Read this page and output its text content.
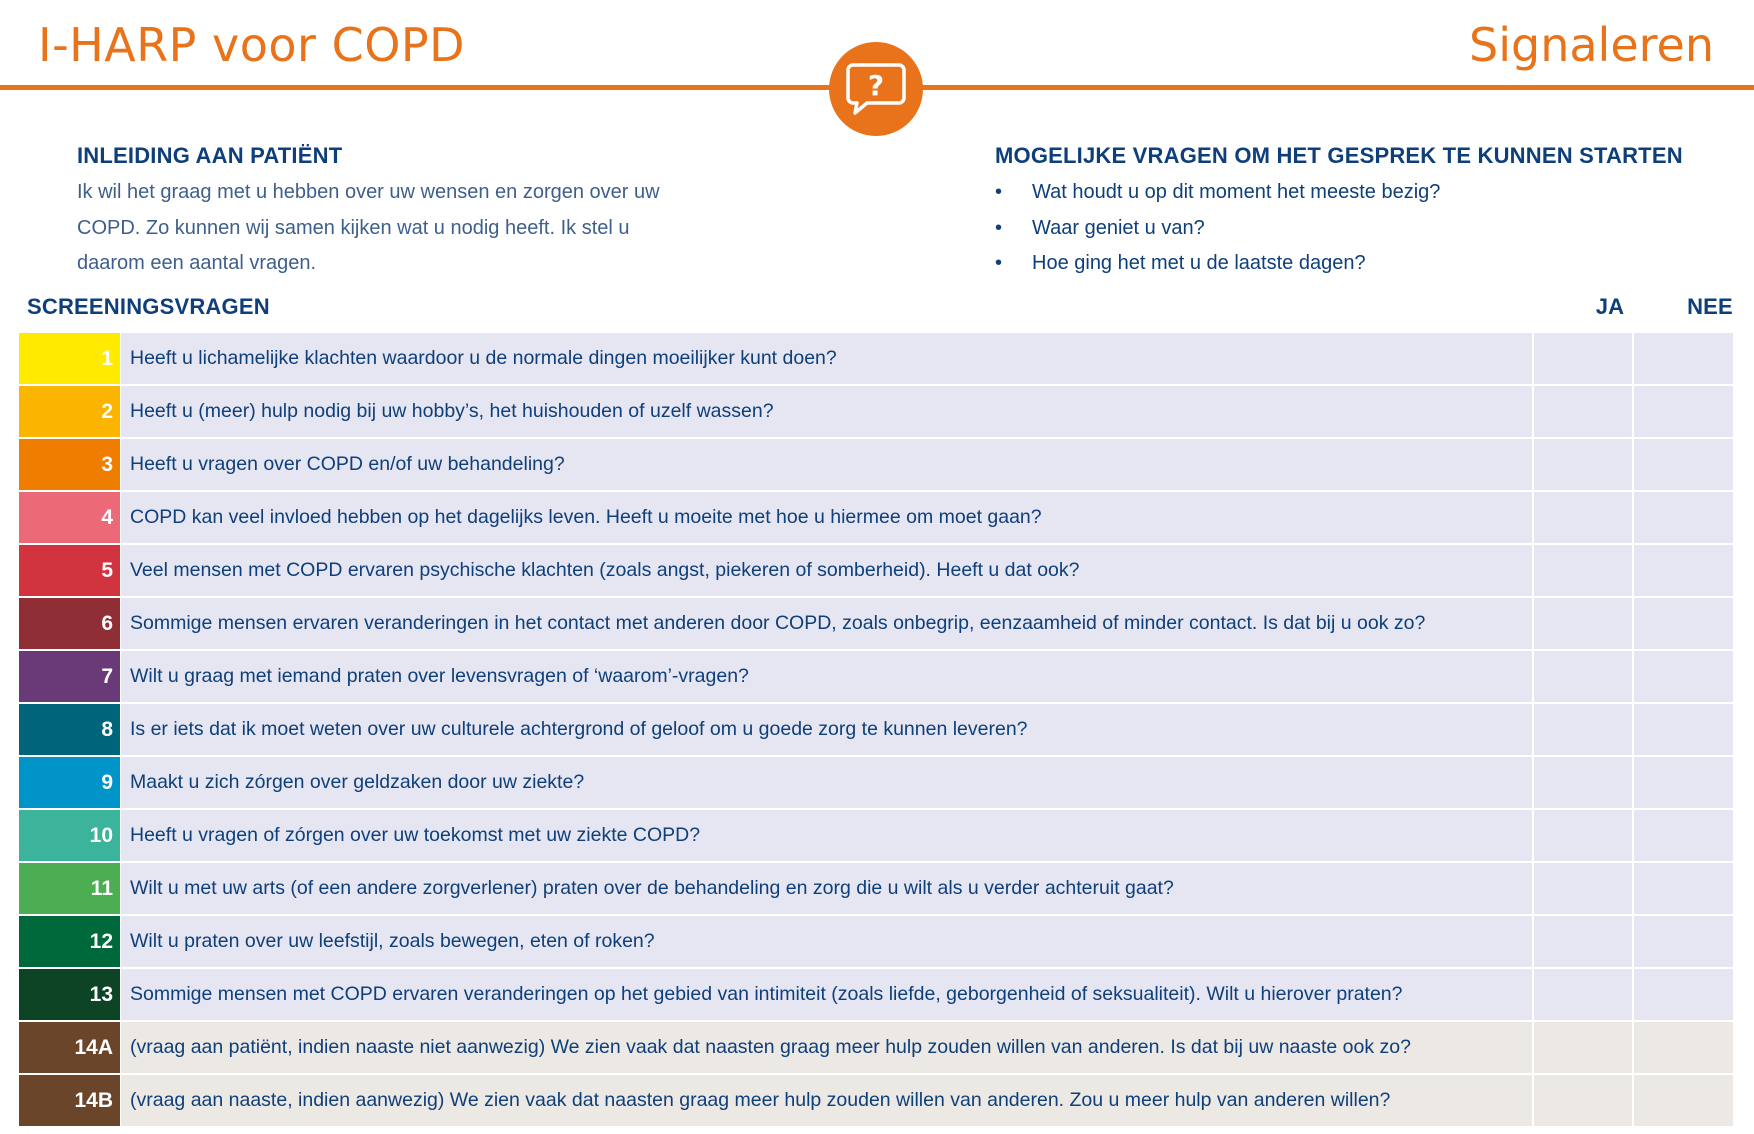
I-HARP voor COPD	Signaleren
?
INLEIDING AAN PATIËNT
Ik wil het graag met u hebben over uw wensen en zorgen over uw COPD. Zo kunnen wij samen kijken wat u nodig heeft. Ik stel u daarom een aantal vragen.
MOGELIJKE VRAGEN OM HET GESPREK TE KUNNEN STARTEN
• Wat houdt u op dit moment het meeste bezig?
• Waar geniet u van?
• Hoe ging het met u de laatste dagen?
SCREENINGSVRAGEN	JA	NEE
1 Heeft u lichamelijke klachten waardoor u de normale dingen moeilijker kunt doen?
2 Heeft u (meer) hulp nodig bij uw hobby’s, het huishouden of uzelf wassen?
3 Heeft u vragen over COPD en/of uw behandeling?
4 COPD kan veel invloed hebben op het dagelijks leven. Heeft u moeite met hoe u hiermee om moet gaan?
5 Veel mensen met COPD ervaren psychische klachten (zoals angst, piekeren of somberheid). Heeft u dat ook?
6 Sommige mensen ervaren veranderingen in het contact met anderen door COPD, zoals onbegrip, eenzaamheid of minder contact. Is dat bij u ook zo?
7 Wilt u graag met iemand praten over levensvragen of ‘waarom’-vragen?
8 Is er iets dat ik moet weten over uw culturele achtergrond of geloof om u goede zorg te kunnen leveren?
9 Maakt u zich zórgen over geldzaken door uw ziekte?
10 Heeft u vragen of zórgen over uw toekomst met uw ziekte COPD?
11 Wilt u met uw arts (of een andere zorgverlener) praten over de behandeling en zorg die u wilt als u verder achteruit gaat?
12 Wilt u praten over uw leefstijl, zoals bewegen, eten of roken?
13 Sommige mensen met COPD ervaren veranderingen op het gebied van intimiteit (zoals liefde, geborgenheid of seksualiteit). Wilt u hierover praten?
14A (vraag aan patiënt, indien naaste niet aanwezig) We zien vaak dat naasten graag meer hulp zouden willen van anderen. Is dat bij uw naaste ook zo?
14B (vraag aan naaste, indien aanwezig) We zien vaak dat naasten graag meer hulp zouden willen van anderen. Zou u meer hulp van anderen willen?
